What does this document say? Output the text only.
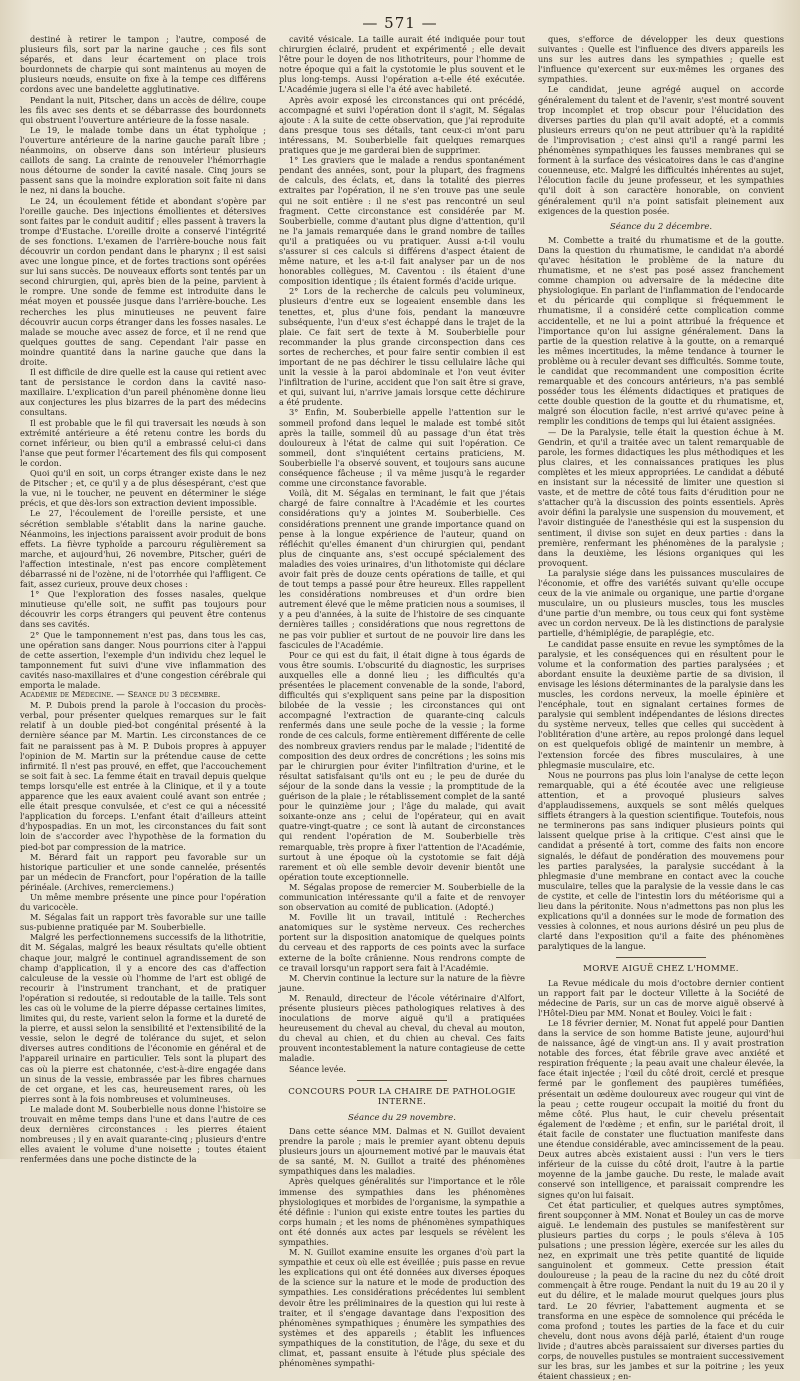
— 571 —

destiné à retirer le tampon ; l'autre, composé de plusieurs fils, sort par la narine gauche ; ces fils sont séparés, et dans leur écartement on place trois bourdonnets de charpie qui sont maintenus au moyen de plusieurs nœuds, ensuite on fixe à la tempe ces différens cordons avec une bandelette agglutinative.

Pendant la nuit, Pitscher, dans un accès de délire, coupe les fils avec ses dents et se débarrasse des bourdonnets qui obstruent l'ouverture antérieure de la fosse nasale.

Le 19, le malade tombe dans un état typhoïque ; l'ouverture antérieure de la narine gauche paraît libre ; néanmoins, on observe dans son intérieur plusieurs caillots de sang. La crainte de renouveler l'hémorrhagie nous détourne de sonder la cavité nasale. Cinq jours se passent sans que la moindre exploration soit faite ni dans le nez, ni dans la bouche.

Le 24, un écoulement fétide et abondant s'opère par l'oreille gauche. Des injections émollientes et détersives sont faites par le conduit auditif ; elles passent à travers la trompe d'Eustache. L'oreille droite a conservé l'intégrité de ses fonctions. L'examen de l'arrière-bouche nous fait découvrir un cordon pendant dans le pharynx ; il est saisi avec une longue pince, et de fortes tractions sont opérées sur lui sans succès. De nouveaux efforts sont tentés par un second chirurgien, qui, après bien de la peine, parvient à le rompre. Une sonde de femme est introduite dans le méat moyen et poussée jusque dans l'arrière-bouche. Les recherches les plus minutieuses ne peuvent faire découvrir aucun corps étranger dans les fosses nasales. Le malade se mouche avec assez de force, et il ne rend que quelques gouttes de sang. Cependant l'air passe en moindre quantité dans la narine gauche que dans la droite.

Il est difficile de dire quelle est la cause qui retient avec tant de persistance le cordon dans la cavité naso-maxillaire. L'explication d'un pareil phénomène donne lieu aux conjectures les plus bizarres de la part des médecins consultans.

Il est probable que le fil qui traversait les nœuds à son extrémité antérieure a été retenu contre les bords du cornet inférieur, ou bien qu'il a embrassé celui-ci dans l'anse que peut former l'écartement des fils qui composent le cordon.

Quoi qu'il en soit, un corps étranger existe dans le nez de Pitscher ; et, ce qu'il y a de plus désespérant, c'est que la vue, ni le toucher, ne peuvent en déterminer le siége précis, et que dès-lors son extraction devient impossible.

Le 27, l'écoulement de l'oreille persiste, et une sécrétion semblable s'établit dans la narine gauche. Néanmoins, les injections paraissent avoir produit de bons effets. La fièvre typhoïde a parcouru régulièrement sa marche, et aujourd'hui, 26 novembre, Pitscher, guéri de l'affection intestinale, n'est pas encore complètement débarrassé ni de l'ozène, ni de l'otorrhée qui l'affligent. Ce fait, assez curieux, prouve deux choses :

1° Que l'exploration des fosses nasales, quelque minutieuse qu'elle soit, ne suffit pas toujours pour découvrir les corps étrangers qui peuvent être contenus dans ses cavités.

2° Que le tamponnement n'est pas, dans tous les cas, une opération sans danger. Nous pourrions citer à l'appui de cette assertion, l'exemple d'un individu chez lequel le tamponnement fut suivi d'une vive inflammation des cavités naso-maxillaires et d'une congestion cérébrale qui emporta le malade.

Académie de Médecine. — Séance du 3 décembre.

M. P. Dubois prend la parole à l'occasion du procès-verbal, pour présenter quelques remarques sur le fait relatif à un double pied-bot congénital présenté à la dernière séance par M. Martin. Les circonstances de ce fait ne paraissent pas à M. P. Dubois propres à appuyer l'opinion de M. Martin sur la prétendue cause de cette infirmité. Il n'est pas prouvé, en effet, que l'accouchement se soit fait à sec. La femme était en travail depuis quelque temps lorsqu'elle est entrée à la Clinique, et il y a toute apparence que les eaux avaient coulé avant son entrée ; elle était presque convulsée, et c'est ce qui a nécessité l'application du forceps. L'enfant était d'ailleurs atteint d'hypospadias. En un mot, les circonstances du fait sont loin de s'accorder avec l'hypothèse de la formation du pied-bot par compression de la matrice.

M. Bérard fait un rapport peu favorable sur un historique particulier et une sonde cannelée, présentés par un médecin de Francfort, pour l'opération de la taille périnéale. (Archives, remerciemens.)

Un même membre présente une pince pour l'opération du varicocèle.

M. Ségalas fait un rapport très favorable sur une taille sus-pubienne pratiquée par M. Souberbielle.

Malgré les perfectionnemens successifs de la lithotritie, dit M. Ségalas, malgré les beaux résultats qu'elle obtient chaque jour, malgré le continuel agrandissement de son champ d'application, il y a encore des cas d'affection calculeuse de la vessie où l'homme de l'art est obligé de recourir à l'instrument tranchant, et de pratiquer l'opération si redoutée, si redoutable de la taille. Tels sont les cas où le volume de la pierre dépasse certaines limites, limites qui, du reste, varient selon la forme et la dureté de la pierre, et aussi selon la sensibilité et l'extensibilité de la vessie, selon le degré de tolérance du sujet, et selon diverses autres conditions de l'économie en général et de l'appareil urinaire en particulier. Tels sont la plupart des cas où la pierre est chatonnée, c'est-à-dire engagée dans un sinus de la vessie, embrassée par les fibres charnues de cet organe, et les cas, heureusement rares, où les pierres sont à la fois nombreuses et volumineuses.

Le malade dont M. Souberbielle nous donne l'histoire se trouvait en même temps dans l'une et dans l'autre de ces deux dernières circonstances : les pierres étaient nombreuses ; il y en avait quarante-cinq ; plusieurs d'entre elles avaient le volume d'une noisette ; toutes étaient renfermées dans une poche distincte de la

cavité vésicale. La taille aurait été indiquée pour tout chirurgien éclairé, prudent et expérimenté ; elle devait l'être pour le doyen de nos lithotriteurs, pour l'homme de notre époque qui a fait la cystotomie le plus souvent et le plus long-temps. Aussi l'opération a-t-elle été exécutée. L'Académie jugera si elle l'a été avec habileté.

Après avoir exposé les circonstances qui ont précédé, accompagné et suivi l'opération dont il s'agit, M. Ségalas ajoute : A la suite de cette observation, que j'ai reproduite dans presque tous ses détails, tant ceux-ci m'ont paru intéressans, M. Souberbielle fait quelques remarques pratiques que je me garderai bien de supprimer.

1° Les graviers que le malade a rendus spontanément pendant des années, sont, pour la plupart, des fragmens de calculs, des éclats, et, dans la totalité des pierres extraites par l'opération, il ne s'en trouve pas une seule qui ne soit entière : il ne s'est pas rencontré un seul fragment. Cette circonstance est considérée par M. Souberbielle, comme d'autant plus digne d'attention, qu'il ne l'a jamais remarquée dans le grand nombre de tailles qu'il a pratiquées ou vu pratiquer. Aussi a-t-il voulu s'assurer si ces calculs si différens d'aspect étaient de même nature, et les a-t-il fait analyser par un de nos honorables collègues, M. Caventou : ils étaient d'une composition identique ; ils étaient formés d'acide urique.

2° Lors de la recherche de calculs peu volumineux, plusieurs d'entre eux se logeaient ensemble dans les tenettes, et, plus d'une fois, pendant la manœuvre subséquente, l'un d'eux s'est échappé dans le trajet de la plaie. Ce fait sert de texte à M. Souberbielle pour recommander la plus grande circonspection dans ces sortes de recherches, et pour faire sentir combien il est important de ne pas déchirer le tissu cellulaire lâche qui unit la vessie à la paroi abdominale et l'on veut éviter l'infiltration de l'urine, accident que l'on sait être si grave, et qui, suivant lui, n'arrive jamais lorsque cette déchirure a été prudente.

3° Enfin, M. Souberbielle appelle l'attention sur le sommeil profond dans lequel le malade est tombé sitôt après la taille, sommeil dû au passage d'un état très douloureux à l'état de calme qui suit l'opération. Ce sommeil, dont s'inquiétent certains praticiens, M. Souberbielle l'a observé souvent, et toujours sans aucune conséquence fâcheuse ; il va même jusqu'à le regarder comme une circonstance favorable.

Voilà, dit M. Ségalas en terminant, le fait que j'étais chargé de faire connaître à l'Académie et les courtes considérations qu'y a jointes M. Souberbielle. Ces considérations prennent une grande importance quand on pense à la longue expérience de l'auteur, quand on réfléchit qu'elles émanent d'un chirurgien qui, pendant plus de cinquante ans, s'est occupé spécialement des maladies des voies urinaires, d'un lithotomiste qui déclare avoir fait près de douze cents opérations de taille, et qui de tout temps a passé pour être heureux. Elles rappellent les considérations nombreuses et d'un ordre bien autrement élevé que le même praticien nous a soumises, il y a peu d'années, à la suite de l'histoire de ses cinquante dernières tailles ; considérations que nous regrettons de ne pas voir publier et surtout de ne pouvoir lire dans les fascicules de l'Académie.

Pour ce qui est du fait, il était digne à tous égards de vous être soumis. L'obscurité du diagnostic, les surprises auxquelles elle a donné lieu ; les difficultés qu'a présentées le placement convenable de la sonde, l'abord, difficultés qui s'expliquent sans peine par la disposition bilobée de la vessie ; les circonstances qui ont accompagné l'extraction de quarante-cinq calculs renfermés dans une seule poche de la vessie ; la forme ronde de ces calculs, forme entièrement différente de celle des nombreux graviers rendus par le malade ; l'identité de composition des deux ordres de concrétions ; les soins mis par le chirurgien pour éviter l'infiltration d'urine, et le résultat satisfaisant qu'ils ont eu ; le peu de durée du séjour de la sonde dans la vessie ; la promptitude de la guérison de la plaie ; le rétablissement complet de la santé pour le quinzième jour ; l'âge du malade, qui avait soixante-onze ans ; celui de l'opérateur, qui en avait quatre-vingt-quatre ; ce sont là autant de circonstances qui rendent l'opération de M. Souberbielle très remarquable, très propre à fixer l'attention de l'Académie, surtout à une époque où la cystotomie se fait déjà rarement et où elle semble devoir devenir bientôt une opération toute exceptionnelle.

M. Ségalas propose de remercier M. Souberbielle de la communication intéressante qu'il a faite et de renvoyer son observation au comité de publication. (Adopté.)

M. Foville lit un travail, intitulé : Recherches anatomiques sur le système nerveux. Ces recherches portent sur la disposition anatomique de quelques points du cerveau et des rapports de ces points avec la surface externe de la boîte crânienne. Nous rendrons compte de ce travail lorsqu'un rapport sera fait à l'Académie.

M. Chervin continue la lecture sur la nature de la fièvre jaune.

M. Renauld, directeur de l'école vétérinaire d'Alfort, présente plusieurs pièces pathologiques relatives à des inoculations de morve aiguë qu'il a pratiquées heureusement du cheval au cheval, du cheval au mouton, du cheval au chien, et du chien au cheval. Ces faits prouvent incontestablement la nature contagieuse de cette maladie.

Séance levée.

CONCOURS POUR LA CHAIRE DE PATHOLOGIE INTERNE.

Séance du 29 novembre.

Dans cette séance MM. Dalmas et N. Guillot devaient prendre la parole ; mais le premier ayant obtenu depuis plusieurs jours un ajournement motivé par le mauvais état de sa santé, M. N. Guillot a traité des phénomènes sympathiques dans les maladies.

Après quelques généralités sur l'importance et le rôle immense des sympathies dans les phénomènes physiologiques et morbides de l'organisme, la sympathie a été définie : l'union qui existe entre toutes les parties du corps humain ; et les noms de phénomènes sympathiques ont été donnés aux actes par lesquels se révèlent les sympathies.

M. N. Guillot examine ensuite les organes d'où part la sympathie et ceux où elle est éveillée ; puis passe en revue les explications qui ont été données aux diverses époques de la science sur la nature et le mode de production des sympathies. Les considérations précédentes lui semblent devoir être les préliminaires de la question qui lui reste à traiter, et il s'engage davantage dans l'exposition des phénomènes sympathiques ; énumère les sympathies des systèmes et des appareils ; établit les influences sympathiques de la constitution, de l'âge, du sexe et du climat, et, passant ensuite à l'étude plus spéciale des phénomènes sympathi-

ques, s'efforce de développer les deux questions suivantes : Quelle est l'influence des divers appareils les uns sur les autres dans les sympathies ; quelle est l'influence qu'exercent sur eux-mêmes les organes des sympathies.

Le candidat, jeune agrégé auquel on accorde généralement du talent et de l'avenir, s'est montré souvent trop incomplet et trop obscur pour l'élucidation des diverses parties du plan qu'il avait adopté, et a commis plusieurs erreurs qu'on ne peut attribuer qu'à la rapidité de l'improvisation ; c'est ainsi qu'il a rangé parmi les phénomènes sympathiques les fausses membranes qui se forment à la surface des vésicatoires dans le cas d'angine couenneuse, etc. Malgré les difficultés inhérentes au sujet, l'élocution facile du jeune professeur, et les sympathies qu'il doit à son caractère honorable, on convient généralement qu'il n'a point satisfait pleinement aux exigences de la question posée.

Séance du 2 décembre.

M. Combette a traité du rhumatisme et de la goutte. Dans la question du rhumatisme, le candidat n'a abordé qu'avec hésitation le problème de la nature du rhumatisme, et ne s'est pas posé assez franchement comme champion ou adversaire de la médecine dite physiologique. En parlant de l'inflammation de l'endocarde et du péricarde qui complique si fréquemment le rhumatisme, il a considéré cette complication comme accidentelle, et ne lui a point attribué la fréquence et l'importance qu'on lui assigne généralement. Dans la partie de la question relative à la goutte, on a remarqué les mêmes incertitudes, la même tendance à tourner le problème ou à reculer devant ses difficultés. Somme toute, le candidat que recommandent une composition écrite remarquable et des concours antérieurs, n'a pas semblé posséder tous les éléments didactiques et pratiques de cette double question de la goutte et du rhumatisme, et, malgré son élocution facile, n'est arrivé qu'avec peine à remplir les conditions de temps qui lui étaient assignées.

— De la Paralysie, telle était la question échue à M. Gendrin, et qu'il a traitée avec un talent remarquable de parole, les formes didactiques les plus méthodiques et les plus claires, et les connaissances pratiques les plus complètes et les mieux appropriées. Le candidat a débuté en insistant sur la nécessité de limiter une question si vaste, et de mettre de côté tous faits d'érudition pour ne s'attacher qu'à la discussion des points essentiels. Après avoir défini la paralysie une suspension du mouvement, et l'avoir distinguée de l'anesthésie qui est la suspension du sentiment, il divise son sujet en deux parties : dans la première, renfermant les phénomènes de la paralysie ; dans la deuxième, les lésions organiques qui les provoquent.

La paralysie siége dans les puissances musculaires de l'économie, et offre des variétés suivant qu'elle occupe ceux de la vie animale ou organique, une partie d'organe musculaire, un ou plusieurs muscles, tous les muscles d'une partie d'un membre, ou tous ceux qui font système avec un cordon nerveux. De là les distinctions de paralysie partielle, d'hémiplégie, de paraplégie, etc.

Le candidat passe ensuite en revue les symptômes de la paralysie, et les conséquences qui en résultent pour le volume et la conformation des parties paralysées ; et abordant ensuite la deuxième partie de sa division, il envisage les lésions déterminantes de la paralysie dans les muscles, les cordons nerveux, la moelle épinière et l'encéphale, tout en signalant certaines formes de paralysie qui semblent indépendantes de lésions directes du système nerveux, telles que celles qui succèdent à l'oblitération d'une artère, au repos prolongé dans lequel on est quelquefois obligé de maintenir un membre, à l'extension forcée des fibres musculaires, à une phlegmasie musculaire, etc.

Nous ne pourrons pas plus loin l'analyse de cette leçon remarquable, qui a été écoutée avec une religieuse attention, et a provoqué plusieurs salves d'applaudissemens, auxquels se sont mêlés quelques sifflets étrangers à la question scientifique. Toutefois, nous ne terminerons pas sans indiquer plusieurs points qui laissent quelque prise à la critique. C'est ainsi que le candidat a présenté à tort, comme des faits non encore signalés, le défaut de pondération des mouvemens pour les parties paralysées, la paralysie succédant à la phlegmasie d'une membrane en contact avec la couche musculaire, telles que la paralysie de la vessie dans le cas de cystite, et celle de l'intestin lors du météorisme qui a lieu dans la péritonite. Nous n'admettons pas non plus les explications qu'il a données sur le mode de formation des vessies à colonnes, et nous aurions désiré un peu plus de clarté dans l'exposition qu'il a faite des phénomènes paralytiques de la langue.

MORVE AIGUË CHEZ L'HOMME.

La Revue médicale du mois d'octobre dernier contient un rapport fait par le docteur Villette à la Société de médecine de Paris, sur un cas de morve aiguë observé à l'Hôtel-Dieu par MM. Nonat et Bouley. Voici le fait :

Le 18 février dernier, M. Nonat fut appelé pour Dantien dans la service de son homme Batiste jeune, aujourd'hui de naissance, âgé de vingt-un ans. Il y avait prostration notable des forces, état fébrile grave avec anxiété et respiration fréquente ; la peau avait une chaleur élevée, la face était injectée ; l'œil du côté droit, cerclé et presque fermé par le gonflement des paupières tuméfiées, présentait un œdème douloureux avec rougeur qui vint de la peau ; cette rougeur occupait la moitié du front du même côté. Plus haut, le cuir chevelu présentait également de l'œdème ; et enfin, sur le pariétal droit, il était facile de constater une fluctuation manifeste dans une étendue considérable, avec amincissement de la peau. Deux autres abcès existaient aussi : l'un vers le tiers inférieur de la cuisse du côté droit, l'autre à la partie moyenne de la jambe gauche. Du reste, le malade avait conservé son intelligence, et paraissait comprendre les signes qu'on lui faisait.

Cet état particulier, et quelques autres symptômes, firent soupçonner à MM. Nonat et Bouley un cas de morve aiguë. Le lendemain des pustules se manifestèrent sur plusieurs parties du corps ; le pouls s'éleva à 105 pulsations ; une pression légère, exercée sur les ailes du nez, en exprimait une très petite quantité de liquide sanguinolent et gommeux. Cette pression était douloureuse ; la peau de la racine du nez du côté droit commençait à être rouge. Pendant la nuit du 19 au 20 il y eut du délire, et le malade mourut quelques jours plus tard. Le 20 février, l'abattement augmenta et se transforma en une espèce de somnolence qui précéda le coma profond ; toutes les parties de la face et du cuir chevelu, dont nous avons déjà parlé, étaient d'un rouge livide ; d'autres abcès paraissaient sur diverses parties du corps, de nouvelles pustules se montraient successivement sur les bras, sur les jambes et sur la poitrine ; les yeux étaient chassieux ; en-
